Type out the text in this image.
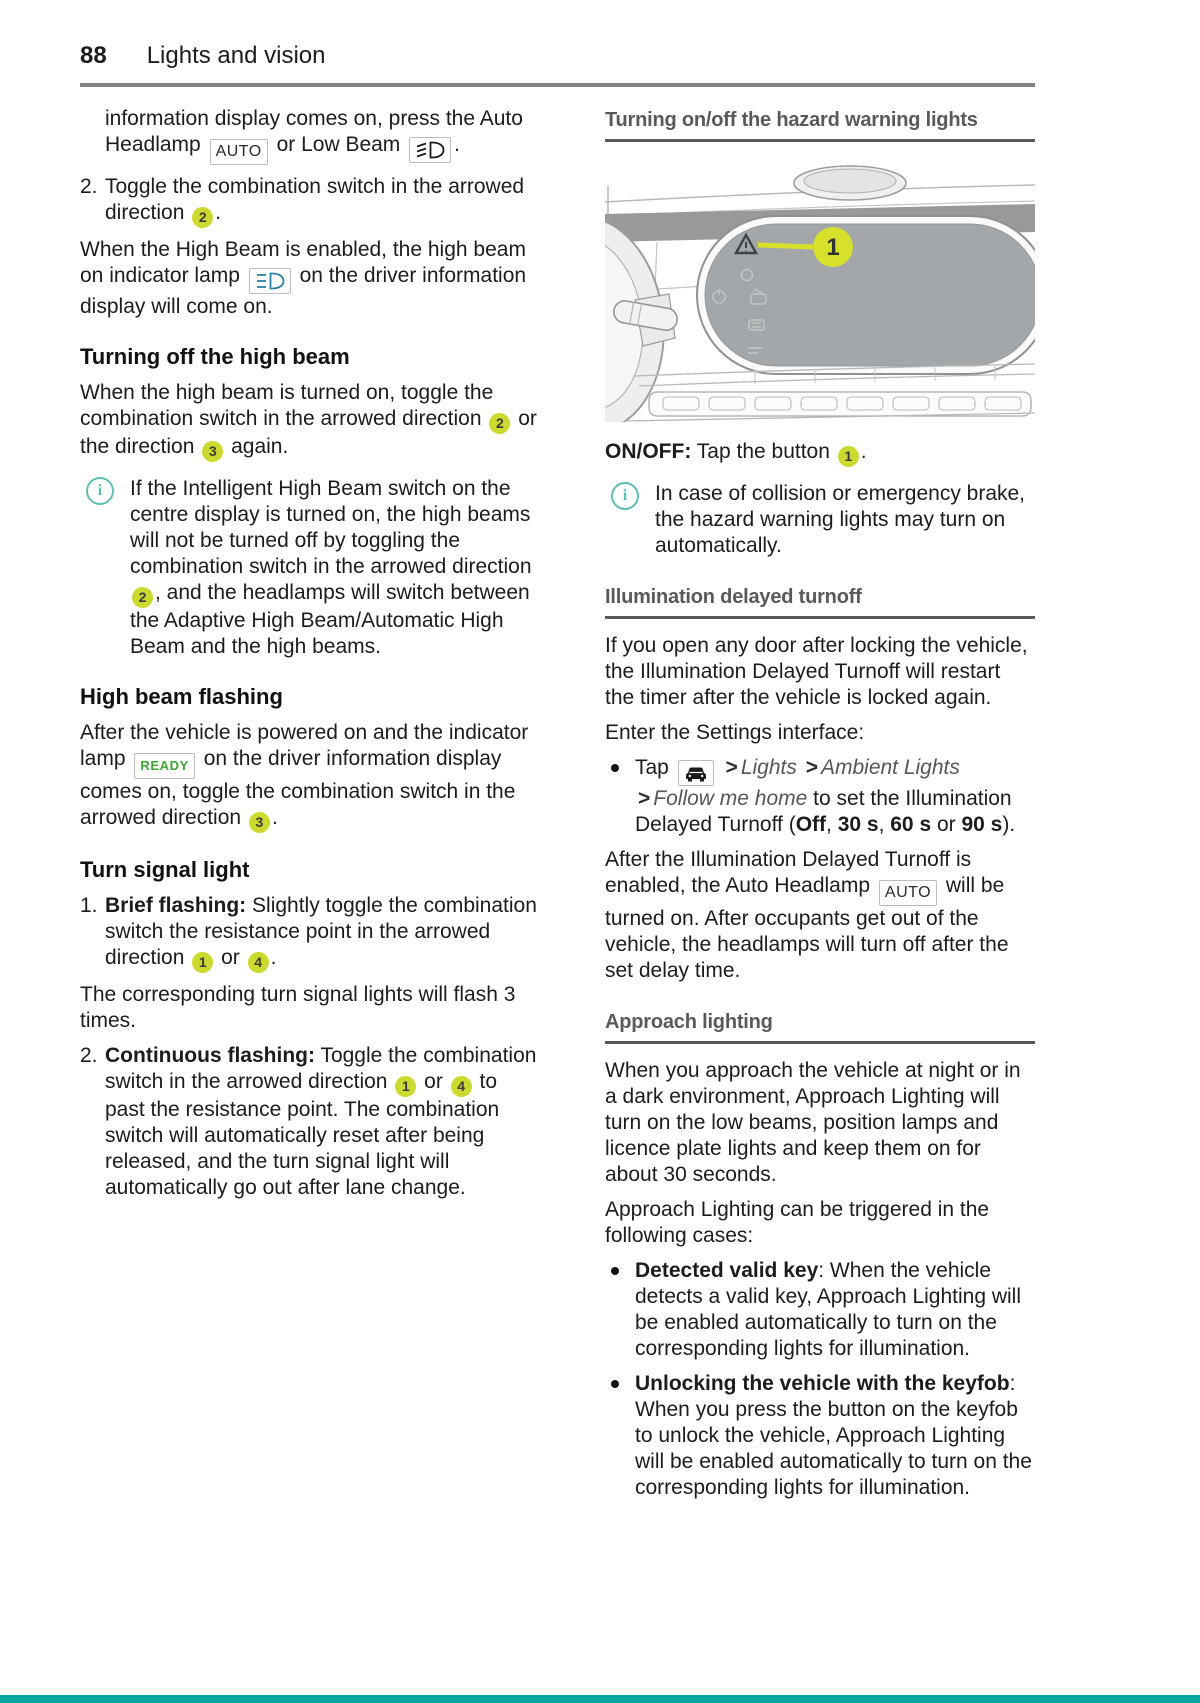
88 Lights and vision

information display comes on, press the Auto Headlamp AUTO or Low Beam	.

2. Toggle the combination switch in the arrowed direction 2 .

When the High Beam is enabled, the high beam on indicator lamp	on the driver information display will come on.

Turning off the high beam

When the high beam is turned on, toggle the combination switch in the arrowed direction 2 or the direction 3 again.

i	If the Intelligent High Beam switch on the centre display is turned on, the high beams will not be turned off by toggling the combination switch in the arrowed direction 2 , and the headlamps will switch between the Adaptive High Beam/Automatic High Beam and the high beams.
High beam flashing

After the vehicle is powered on and the indicator lamp READY on the driver information display comes on, toggle the combination switch in the arrowed direction 3 .

Turn signal light
1. Brief flashing: Slightly toggle the combination switch the resistance point in the arrowed direction 1 or 4 .

The corresponding turn signal lights will flash 3 times.

2. Continuous flashing: Toggle the combination switch in the arrowed direction 1 or 4 to past the resistance point. The combination switch will automatically reset after being released, and the turn signal light will automatically go out after lane change.
Turning on/off the hazard warning lights
1

ON/OFF: Tap the button 1 .

i	In case of collision or emergency brake, the hazard warning lights may turn on automatically.
Illumination delayed turnoff

If you open any door after locking the vehicle, the Illumination Delayed Turnoff will restart the timer after the vehicle is locked again.

Enter the Settings interface:

Tap	> Lights > Ambient Lights > Follow me home to set the Illumination Delayed Turnoff (Off, 30 s, 60 s or 90 s).

After the Illumination Delayed Turnoff is enabled, the Auto Headlamp AUTO will be turned on. After occupants get out of the vehicle, the headlamps will turn off after the set delay time.

Approach lighting

When you approach the vehicle at night or in a dark environment, Approach Lighting will turn on the low beams, position lamps and licence plate lights and keep them on for about 30 seconds.

Approach Lighting can be triggered in the following cases:

Detected valid key: When the vehicle detects a valid key, Approach Lighting will be enabled automatically to turn on the corresponding lights for illumination.
Unlocking the vehicle with the keyfob: When you press the button on the keyfob to unlock the vehicle, Approach Lighting will be enabled automatically to turn on the corresponding lights for illumination.
